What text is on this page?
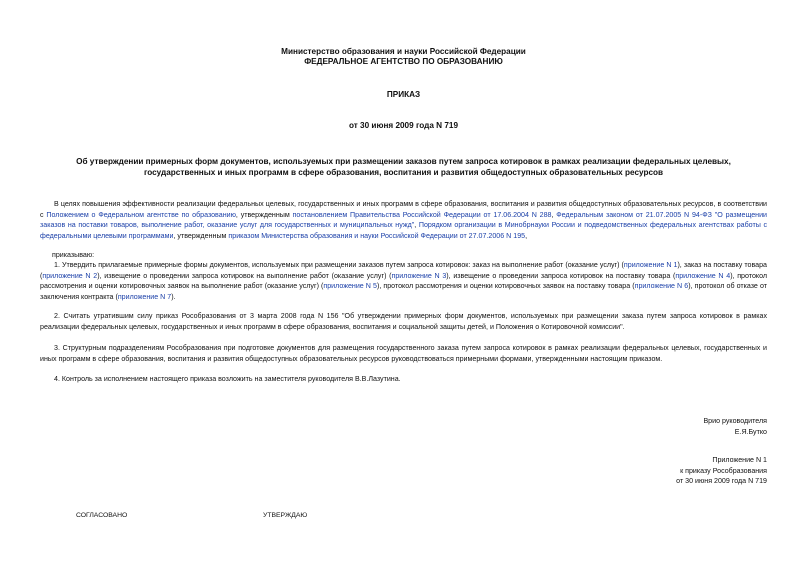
Министерство образования и науки Российской Федерации
ФЕДЕРАЛЬНОЕ АГЕНТСТВО ПО ОБРАЗОВАНИЮ
ПРИКАЗ
от 30 июня 2009 года N 719
Об утверждении примерных форм документов, используемых при размещении заказов путем запроса котировок в рамках реализации федеральных целевых, государственных и иных программ в сфере образования, воспитания и развития общедоступных образовательных ресурсов
В целях повышения эффективности реализации федеральных целевых, государственных и иных программ в сфере образования, воспитания и развития общедоступных образовательных ресурсов, в соответствии с Положением о Федеральном агентстве по образованию, утвержденным постановлением Правительства Российской Федерации от 17.06.2004 N 288, Федеральным законом от 21.07.2005 N 94-ФЗ "О размещении заказов на поставки товаров, выполнение работ, оказание услуг для государственных и муниципальных нужд", Порядком организации в Минобрнауки России и подведомственных федеральных агентствах работы с федеральными целевыми программами, утвержденным приказом Министерства образования и науки Российской Федерации от 27.07.2006 N 195,
приказываю:
1. Утвердить прилагаемые примерные формы документов, используемых при размещении заказов путем запроса котировок: заказ на выполнение работ (оказание услуг) (приложение N 1), заказ на поставку товара (приложение N 2), извещение о проведении запроса котировок на выполнение работ (оказание услуг) (приложение N 3), извещение о проведении запроса котировок на поставку товара (приложение N 4), протокол рассмотрения и оценки котировочных заявок на выполнение работ (оказание услуг) (приложение N 5), протокол рассмотрения и оценки котировочных заявок на поставку товара (приложение N 6), протокол об отказе от заключения контракта (приложение N 7).
2. Считать утратившим силу приказ Рособразования от 3 марта 2008 года N 156 "Об утверждении примерных форм документов, используемых при размещении заказа путем запроса котировок в рамках реализации федеральных целевых, государственных и иных программ в сфере образования, воспитания и социальной защиты детей, и Положения о Котировочной комиссии".
3. Структурным подразделениям Рособразования при подготовке документов для размещения государственного заказа путем запроса котировок в рамках реализации федеральных целевых, государственных и иных программ в сфере образования, воспитания и развития общедоступных образовательных ресурсов руководствоваться примерными формами, утвержденными настоящим приказом.
4. Контроль за исполнением настоящего приказа возложить на заместителя руководителя В.В.Лазутина.
Врио руководителя
Е.Я.Бутко
Приложение N 1
к приказу Рособразования
от 30 июня 2009 года N 719
СОГЛАСОВАНО	УТВЕРЖДАЮ
